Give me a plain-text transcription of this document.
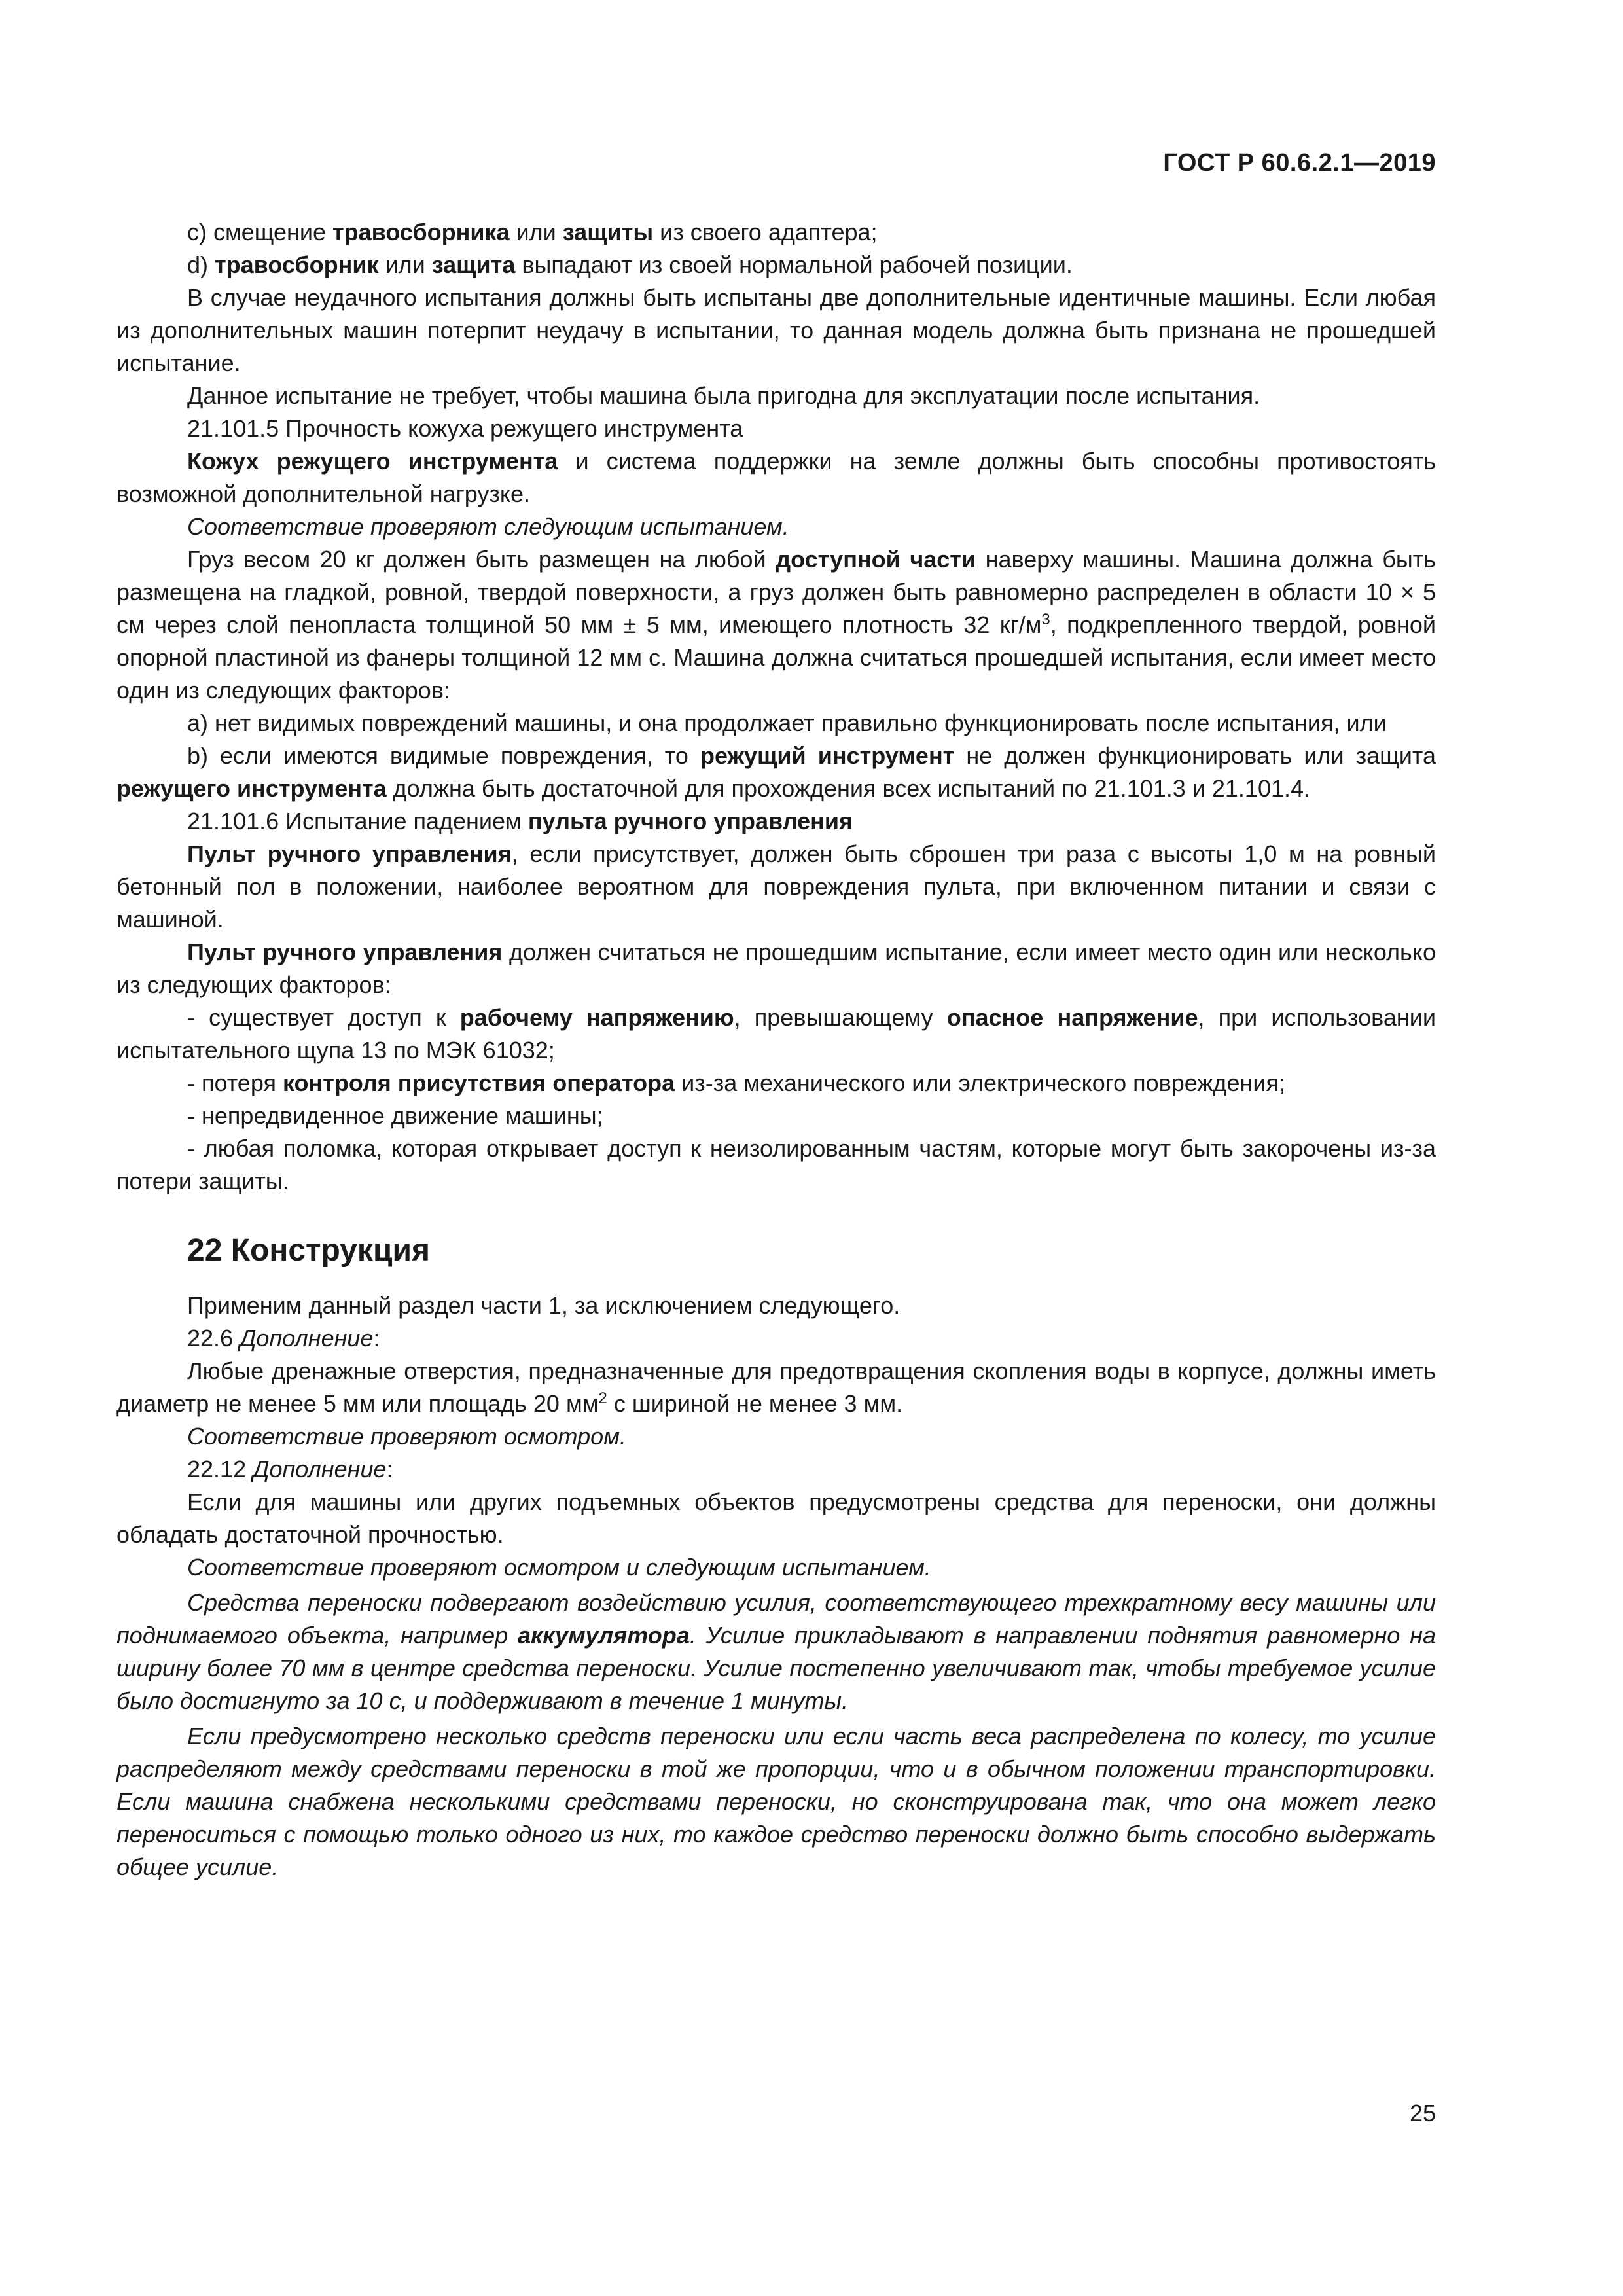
ГОСТ Р 60.6.2.1—2019

c) смещение травосборника или защиты из своего адаптера;

d) травосборник или защита выпадают из своей нормальной рабочей позиции.

В случае неудачного испытания должны быть испытаны две дополнительные идентичные машины. Если любая из дополнительных машин потерпит неудачу в испытании, то данная модель должна быть признана не прошедшей испытание.

Данное испытание не требует, чтобы машина была пригодна для эксплуатации после испытания.

21.101.5 Прочность кожуха режущего инструмента

Кожух режущего инструмента и система поддержки на земле должны быть способны противостоять возможной дополнительной нагрузке.

Соответствие проверяют следующим испытанием.

Груз весом 20 кг должен быть размещен на любой доступной части наверху машины. Машина должна быть размещена на гладкой, ровной, твердой поверхности, а груз должен быть равномерно распределен в области 10 × 5 см через слой пенопласта толщиной 50 мм ± 5 мм, имеющего плотность 32 $кг/м^3$, подкрепленного твердой, ровной опорной пластиной из фанеры толщиной 12 мм с. Машина должна считаться прошедшей испытания, если имеет место один из следующих факторов:

a) нет видимых повреждений машины, и она продолжает правильно функционировать после испытания, или

b) если имеются видимые повреждения, то режущий инструмент не должен функционировать или защита режущего инструмента должна быть достаточной для прохождения всех испытаний по 21.101.3 и 21.101.4.

21.101.6 Испытание падением пульта ручного управления

Пульт ручного управления, если присутствует, должен быть сброшен три раза с высоты 1,0 м на ровный бетонный пол в положении, наиболее вероятном для повреждения пульта, при включенном питании и связи с машиной.

Пульт ручного управления должен считаться не прошедшим испытание, если имеет место один или несколько из следующих факторов:

- существует доступ к рабочему напряжению, превышающему опасное напряжение, при использовании испытательного щупа 13 по МЭК 61032;

- потеря контроля присутствия оператора из-за механического или электрического повреждения;

- непредвиденное движение машины;

- любая поломка, которая открывает доступ к неизолированным частям, которые могут быть закорочены из-за потери защиты.

22 Конструкция

Применим данный раздел части 1, за исключением следующего.

22.6 Дополнение:

Любые дренажные отверстия, предназначенные для предотвращения скопления воды в корпусе, должны иметь диаметр не менее 5 мм или площадь 20 $мм^2$ с шириной не менее 3 мм.

Соответствие проверяют осмотром.

22.12 Дополнение:

Если для машины или других подъемных объектов предусмотрены средства для переноски, они должны обладать достаточной прочностью.

Соответствие проверяют осмотром и следующим испытанием.

Средства переноски подвергают воздействию усилия, соответствующего трехкратному весу машины или поднимаемого объекта, например аккумулятора. Усилие прикладывают в направлении поднятия равномерно на ширину более 70 мм в центре средства переноски. Усилие постепенно увеличивают так, чтобы требуемое усилие было достигнуто за 10 с, и поддерживают в течение 1 минуты.

Если предусмотрено несколько средств переноски или если часть веса распределена по колесу, то усилие распределяют между средствами переноски в той же пропорции, что и в обычном положении транспортировки. Если машина снабжена несколькими средствами переноски, но сконструирована так, что она может легко переноситься с помощью только одного из них, то каждое средство переноски должно быть способно выдержать общее усилие.

25
